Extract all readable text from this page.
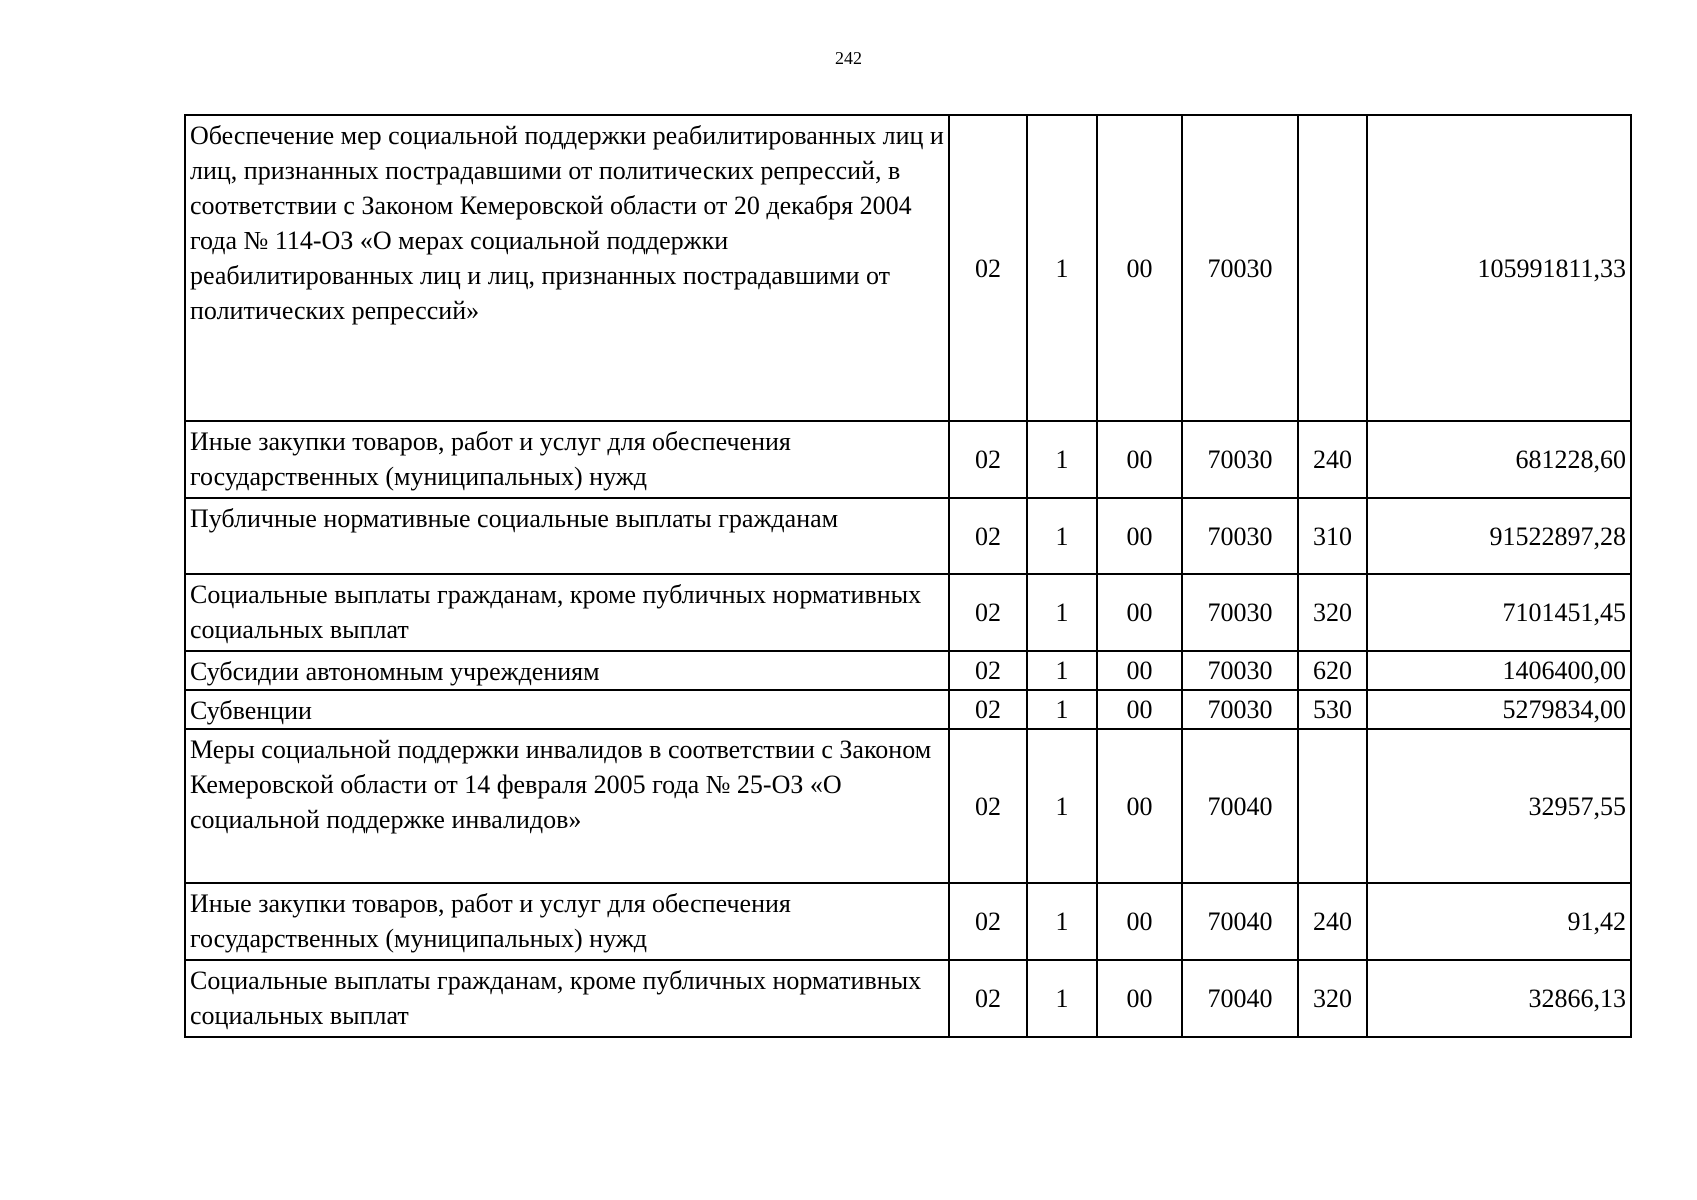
242
Обеспечение мер социальной поддержки реабилитированных лиц и лиц, признанных пострадавшими от политических репрессий, в соответствии с Законом Кемеровской области от 20 декабря 2004 года № 114-ОЗ «О мерах социальной поддержки реабилитированных лиц и лиц, признанных пострадавшими от политических репрессий»	02	1	00	70030		105991811,33
Иные закупки товаров, работ и услуг для обеспечения государственных (муниципальных) нужд	02	1	00	70030	240	681228,60
Публичные нормативные социальные выплаты гражданам	02	1	00	70030	310	91522897,28
Социальные выплаты гражданам, кроме публичных нормативных социальных выплат	02	1	00	70030	320	7101451,45
Субсидии автономным учреждениям	02	1	00	70030	620	1406400,00
Субвенции	02	1	00	70030	530	5279834,00
Меры социальной поддержки инвалидов в соответствии с Законом Кемеровской области от 14 февраля 2005 года № 25-ОЗ «О социальной поддержке инвалидов»	02	1	00	70040		32957,55
Иные закупки товаров, работ и услуг для обеспечения государственных (муниципальных) нужд	02	1	00	70040	240	91,42
Социальные выплаты гражданам, кроме публичных нормативных социальных выплат	02	1	00	70040	320	32866,13
